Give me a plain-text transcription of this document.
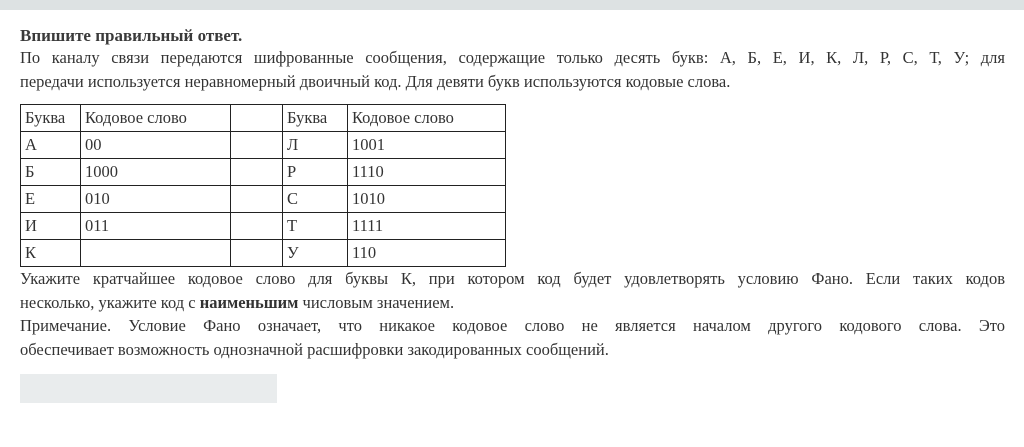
Впишите правильный ответ.

По каналу связи передаются шифрованные сообщения, содержащие только десять букв: А, Б, Е, И, К, Л, Р, С, Т, У; для

передачи используется неравномерный двоичный код. Для девяти букв используются кодовые слова.

Буква	Кодовое слово		Буква	Кодовое слово
А	00		Л	1001
Б	1000		Р	1110
Е	010		С	1010
И	011		Т	1111
К			У	110

Укажите кратчайшее кодовое слово для буквы К, при котором код будет удовлетворять условию Фано. Если таких кодов

несколько, укажите код с наименьшим числовым значением.

Примечание. Условие Фано означает, что никакое кодовое слово не является началом другого кодового слова. Это

обеспечивает возможность однозначной расшифровки закодированных сообщений.
